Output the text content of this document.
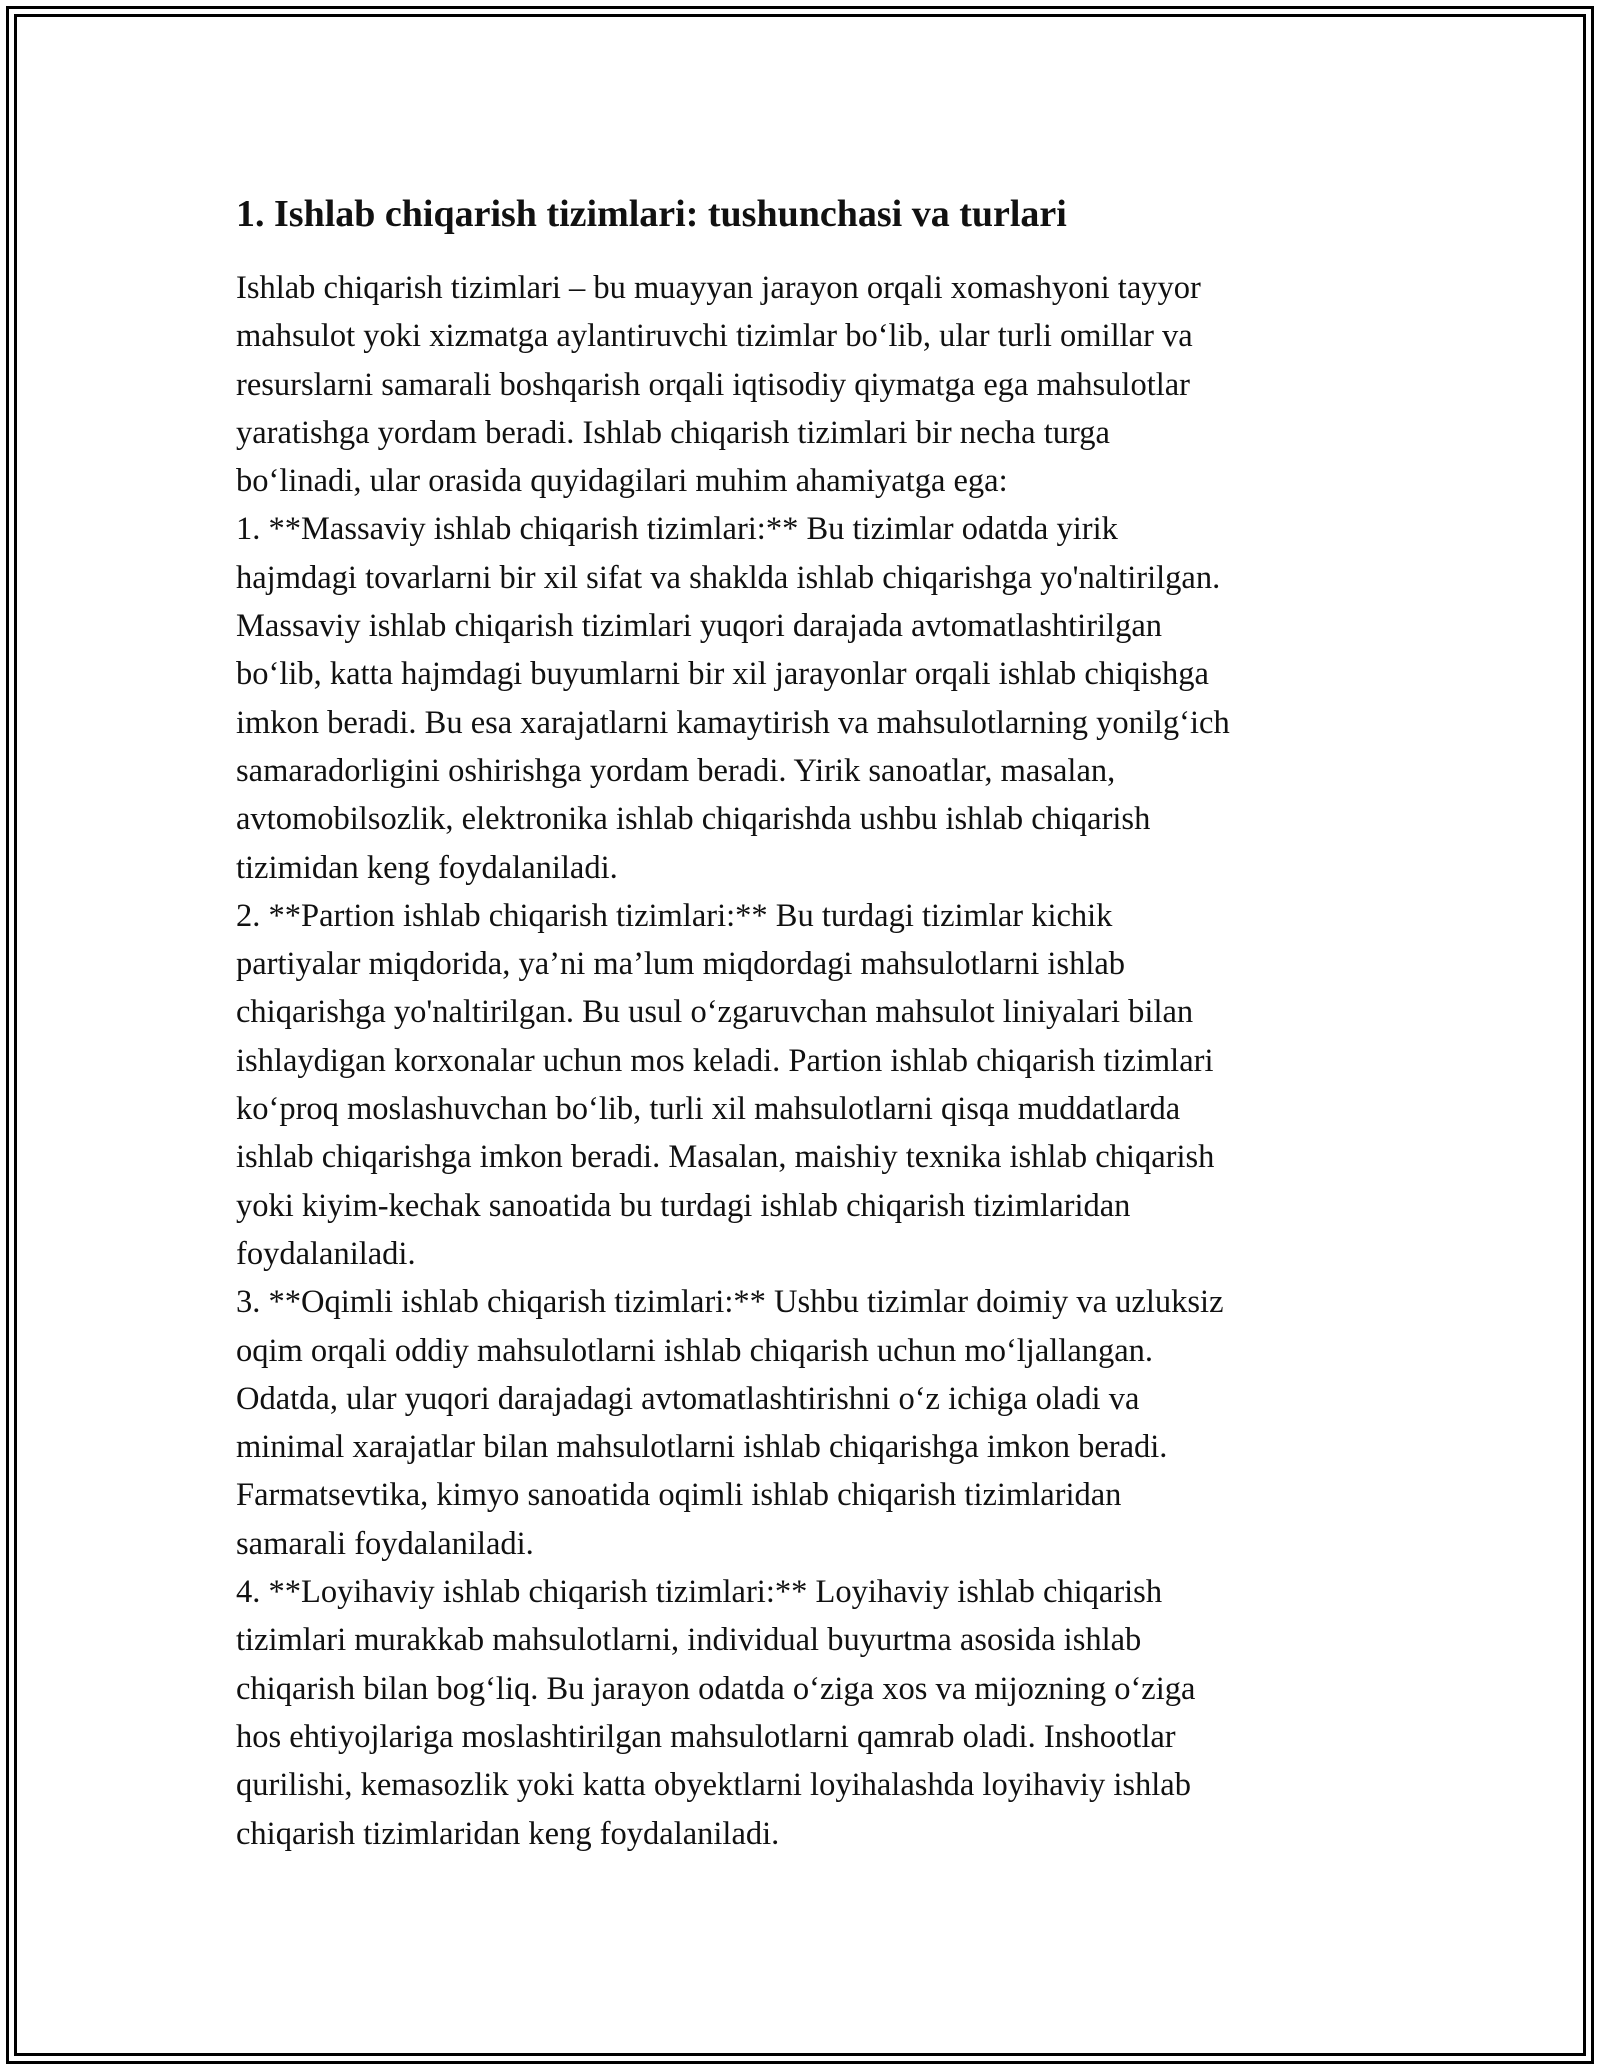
1. Ishlab chiqarish tizimlari: tushunchasi va turlari

Ishlab chiqarish tizimlari – bu muayyan jarayon orqali xomashyoni tayyor
mahsulot yoki xizmatga aylantiruvchi tizimlar bo‘lib, ular turli omillar va
resurslarni samarali boshqarish orqali iqtisodiy qiymatga ega mahsulotlar
yaratishga yordam beradi. Ishlab chiqarish tizimlari bir necha turga
bo‘linadi, ular orasida quyidagilari muhim ahamiyatga ega:
1. **Massaviy ishlab chiqarish tizimlari:** Bu tizimlar odatda yirik
hajmdagi tovarlarni bir xil sifat va shaklda ishlab chiqarishga yo'naltirilgan.
Massaviy ishlab chiqarish tizimlari yuqori darajada avtomatlashtirilgan
bo‘lib, katta hajmdagi buyumlarni bir xil jarayonlar orqali ishlab chiqishga
imkon beradi. Bu esa xarajatlarni kamaytirish va mahsulotlarning yonilg‘ich
samaradorligini oshirishga yordam beradi. Yirik sanoatlar, masalan,
avtomobilsozlik, elektronika ishlab chiqarishda ushbu ishlab chiqarish
tizimidan keng foydalaniladi.
2. **Partion ishlab chiqarish tizimlari:** Bu turdagi tizimlar kichik
partiyalar miqdorida, ya’ni ma’lum miqdordagi mahsulotlarni ishlab
chiqarishga yo'naltirilgan. Bu usul o‘zgaruvchan mahsulot liniyalari bilan
ishlaydigan korxonalar uchun mos keladi. Partion ishlab chiqarish tizimlari
ko‘proq moslashuvchan bo‘lib, turli xil mahsulotlarni qisqa muddatlarda
ishlab chiqarishga imkon beradi. Masalan, maishiy texnika ishlab chiqarish
yoki kiyim-kechak sanoatida bu turdagi ishlab chiqarish tizimlaridan
foydalaniladi.
3. **Oqimli ishlab chiqarish tizimlari:** Ushbu tizimlar doimiy va uzluksiz
oqim orqali oddiy mahsulotlarni ishlab chiqarish uchun mo‘ljallangan.
Odatda, ular yuqori darajadagi avtomatlashtirishni o‘z ichiga oladi va
minimal xarajatlar bilan mahsulotlarni ishlab chiqarishga imkon beradi.
Farmatsevtika, kimyo sanoatida oqimli ishlab chiqarish tizimlaridan
samarali foydalaniladi.
4. **Loyihaviy ishlab chiqarish tizimlari:** Loyihaviy ishlab chiqarish
tizimlari murakkab mahsulotlarni, individual buyurtma asosida ishlab
chiqarish bilan bog‘liq. Bu jarayon odatda o‘ziga xos va mijozning o‘ziga
hos ehtiyojlariga moslashtirilgan mahsulotlarni qamrab oladi. Inshootlar
qurilishi, kemasozlik yoki katta obyektlarni loyihalashda loyihaviy ishlab
chiqarish tizimlaridan keng foydalaniladi.
